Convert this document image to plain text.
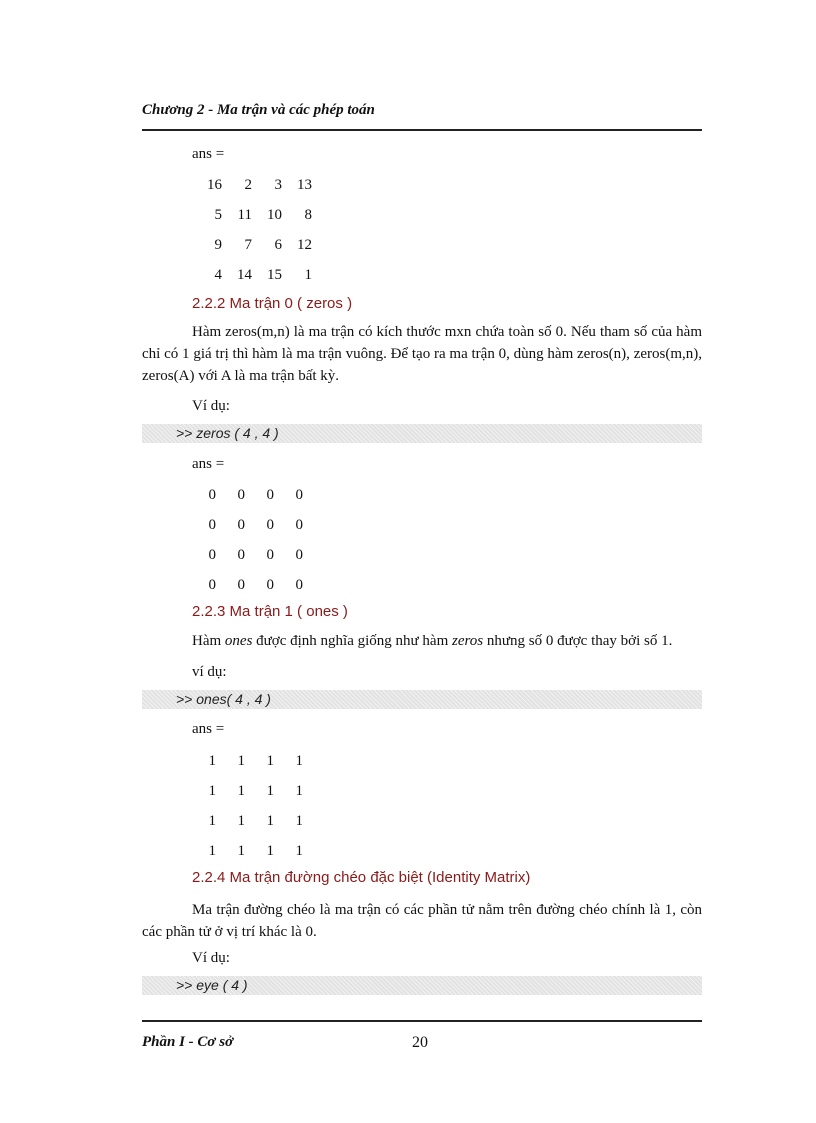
Chương 2 - Ma trận và các phép toán
ans =
16	2	3	13
5	11	10	8
9	7	6	12
4	14	15	1
2.2.2 Ma trận 0 ( zeros )
Hàm zeros(m,n) là ma trận có kích thước mxn chứa toàn số 0. Nếu tham số của hàm chỉ có 1 giá trị thì hàm là ma trận vuông. Để tạo ra ma trận 0, dùng hàm zeros(n), zeros(m,n), zeros(A) với A là ma trận bất kỳ.
Ví dụ:
>> zeros ( 4 , 4 )
ans =
0	0	0	0
0	0	0	0
0	0	0	0
0	0	0	0
2.2.3 Ma trận 1 ( ones )
Hàm ones được định nghĩa giống như hàm zeros nhưng số 0 được thay bởi số 1.
ví dụ:
>> ones( 4 , 4 )
ans =
1	1	1	1
1	1	1	1
1	1	1	1
1	1	1	1
2.2.4 Ma trận đường chéo đặc biệt (Identity Matrix)
Ma trận đường chéo là ma trận có các phần tử nằm trên đường chéo chính là 1, còn các phần tử ở vị trí khác là 0.
Ví dụ:
>> eye ( 4 )
Phần I - Cơ sở	20
